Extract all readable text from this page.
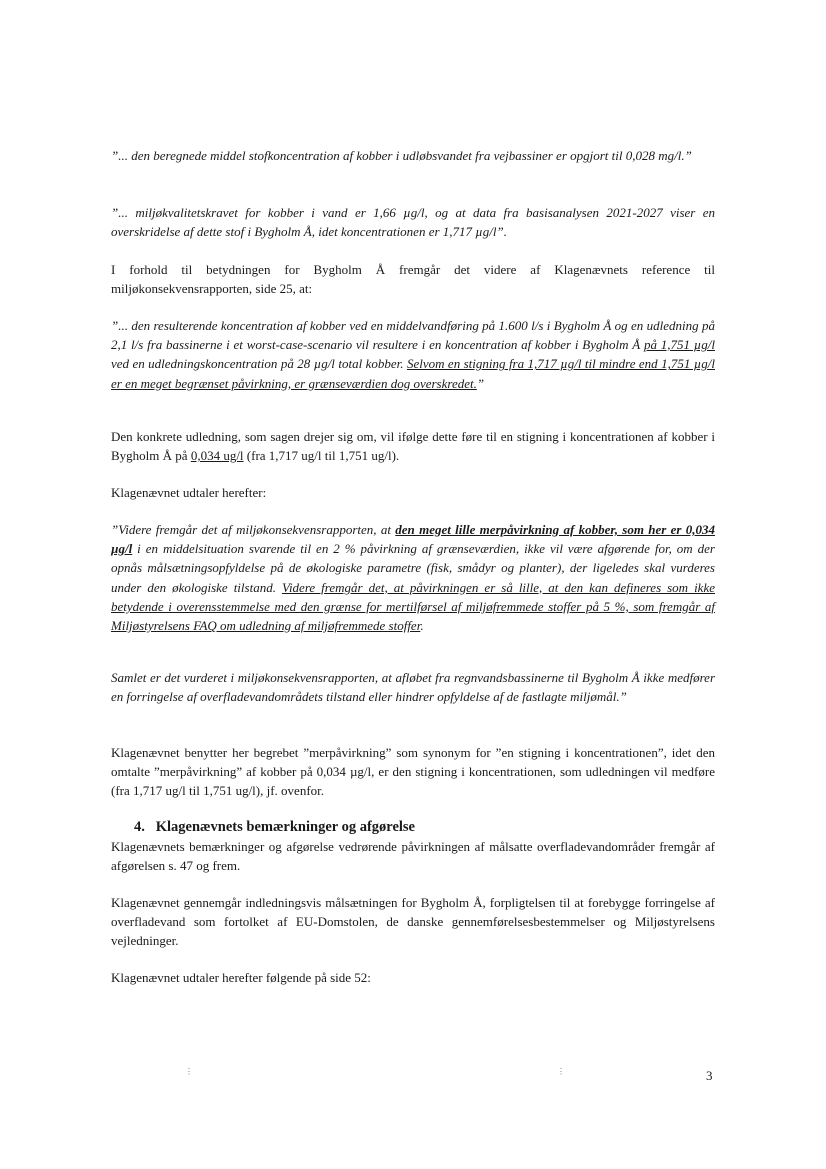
”... den beregnede middel stofkoncentration af kobber i udløbsvandet fra vejbassiner er opgjort til 0,028 mg/l.”

”... miljøkvalitetskravet for kobber i vand er 1,66 µg/l, og at data fra basisanalysen 2021-2027 viser en overskridelse af dette stof i Bygholm Å, idet koncentrationen er 1,717 µg/l”.

I forhold til betydningen for Bygholm Å fremgår det videre af Klagenævnets reference til miljøkonsekvensrapporten, side 25, at:

”... den resulterende koncentration af kobber ved en middelvandføring på 1.600 l/s i Bygholm Å og en udledning på 2,1 l/s fra bassinerne i et worst-case-scenario vil resultere i en koncentration af kobber i Bygholm Å på 1,751 µg/l ved en udledningskoncentration på 28 µg/l total kobber. Selvom en stigning fra 1,717 µg/l til mindre end 1,751 µg/l er en meget begrænset påvirkning, er grænseværdien dog overskredet.”

Den konkrete udledning, som sagen drejer sig om, vil ifølge dette føre til en stigning i koncentrationen af kobber i Bygholm Å på 0,034 ug/l (fra 1,717 ug/l til 1,751 ug/l).

Klagenævnet udtaler herefter:

”Videre fremgår det af miljøkonsekvensrapporten, at den meget lille merpåvirkning af kobber, som her er 0,034 µg/l i en middelsituation svarende til en 2 % påvirkning af grænseværdien, ikke vil være afgørende for, om der opnås målsætningsopfyldelse på de økologiske parametre (fisk, smådyr og planter), der ligeledes skal vurderes under den økologiske tilstand. Videre fremgår det, at påvirkningen er så lille, at den kan defineres som ikke betydende i overensstemmelse med den grænse for mertilførsel af miljøfremmede stoffer på 5 %, som fremgår af Miljøstyrelsens FAQ om udledning af miljøfremmede stoffer.

Samlet er det vurderet i miljøkonsekvensrapporten, at afløbet fra regnvandsbassinerne til Bygholm Å ikke medfører en forringelse af overfladevandområdets tilstand eller hindrer opfyldelse af de fastlagte miljømål.”

Klagenævnet benytter her begrebet ”merpåvirkning” som synonym for ”en stigning i koncentrationen”, idet den omtalte ”merpåvirkning” af kobber på 0,034 µg/l, er den stigning i koncentrationen, som udledningen vil medføre (fra 1,717 ug/l til 1,751 ug/l), jf. ovenfor.

4. Klagenævnets bemærkninger og afgørelse

Klagenævnets bemærkninger og afgørelse vedrørende påvirkningen af målsatte overfladevandområder fremgår af afgørelsen s. 47 og frem.

Klagenævnet gennemgår indledningsvis målsætningen for Bygholm Å, forpligtelsen til at forebygge forringelse af overfladevand som fortolket af EU-Domstolen, de danske gennemførelsesbestemmelser og Miljøstyrelsens vejledninger.

Klagenævnet udtaler herefter følgende på side 52:

⋮	⋮	3
